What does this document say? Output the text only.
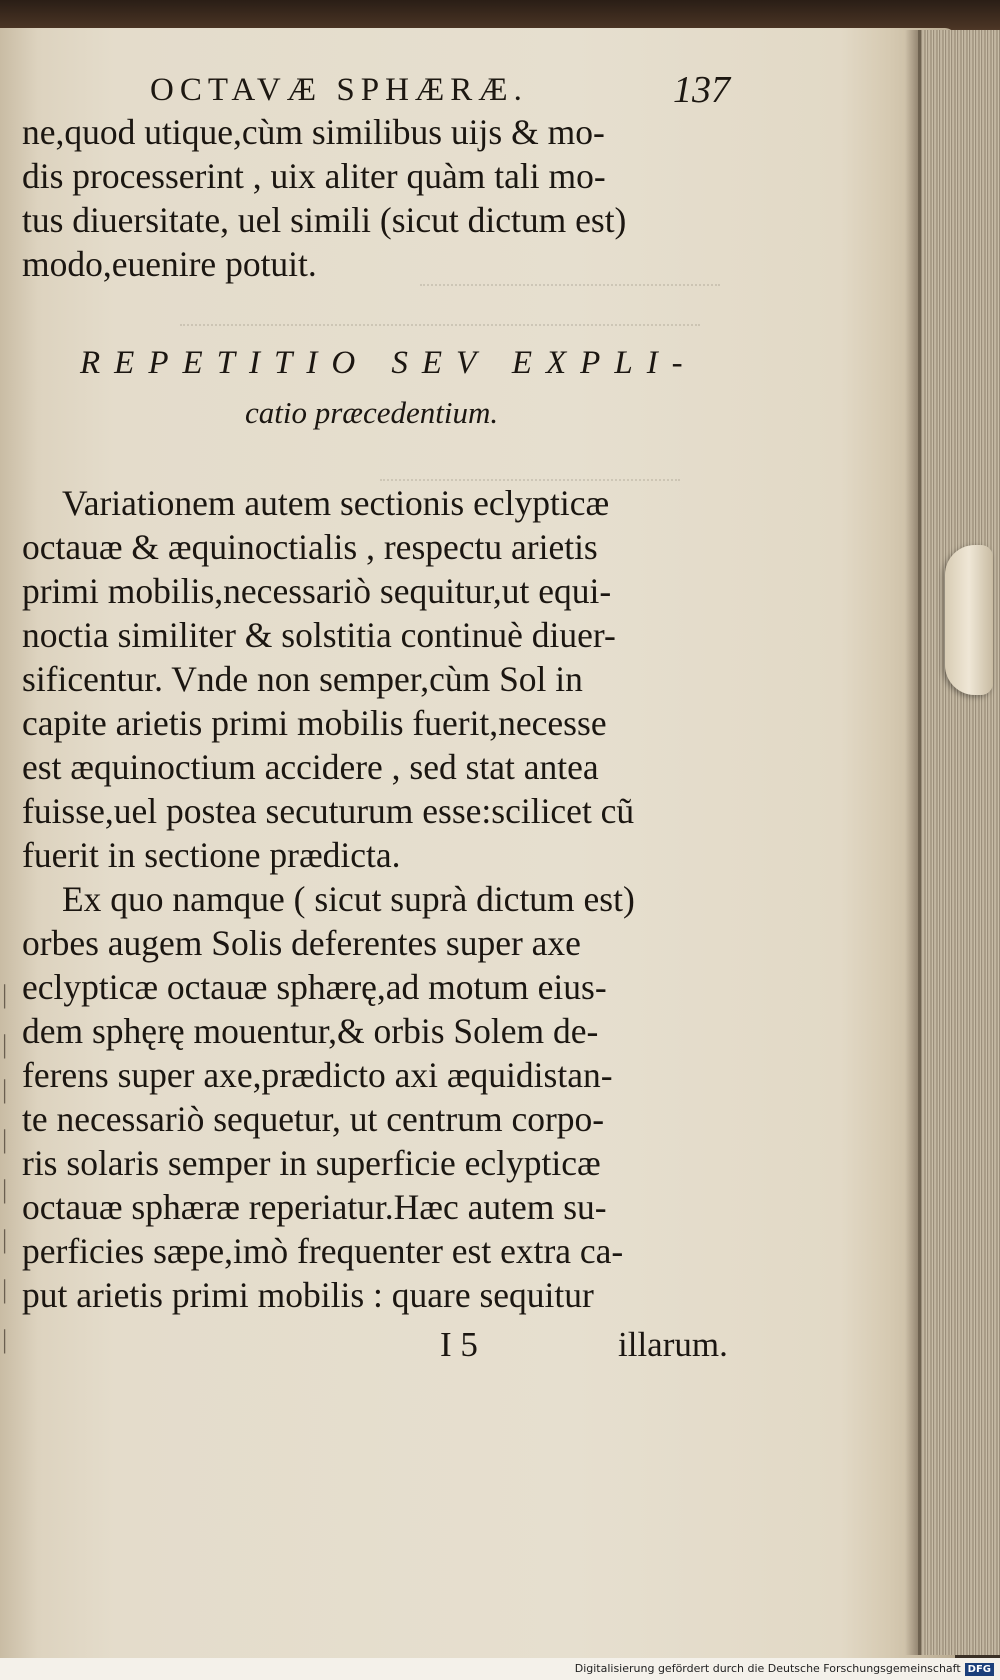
|
|
|
|
|
|
|
|
OCTAVÆ SPHÆRÆ.	137
ne,quod utique,cùm similibus uijs & mo-
dis processerint , uix aliter quàm tali mo-
tus diuersitate, uel simili (sicut dictum est)
modo,euenire potuit.
REPETITIO SEV EXPLI-
catio præcedentium.
Variationem autem sectionis eclypticæ
octauæ & æquinoctialis , respectu arietis
primi mobilis,necessariò sequitur,ut equi-
noctia similiter & solstitia continuè diuer-
sificentur. Vnde non semper,cùm Sol in
capite arietis primi mobilis fuerit,necesse
est æquinoctium accidere , sed stat antea
fuisse,uel postea secuturum esse:scilicet cũ
fuerit in sectione prædicta.
Ex quo namque ( sicut suprà dictum est)
orbes augem Solis deferentes super axe
eclypticæ octauæ sphærę,ad motum eius-
dem sphęrę mouentur,& orbis Solem de-
ferens super axe,prædicto axi æquidistan-
te necessariò sequetur, ut centrum corpo-
ris solaris semper in superficie eclypticæ
octauæ sphæræ reperiatur.Hæc autem su-
perficies sæpe,imò frequenter est extra ca-
put arietis primi mobilis : quare sequitur
I 5	illarum.
Digitalisierung gefördert durch die Deutsche Forschungsgemeinschaft DFG
